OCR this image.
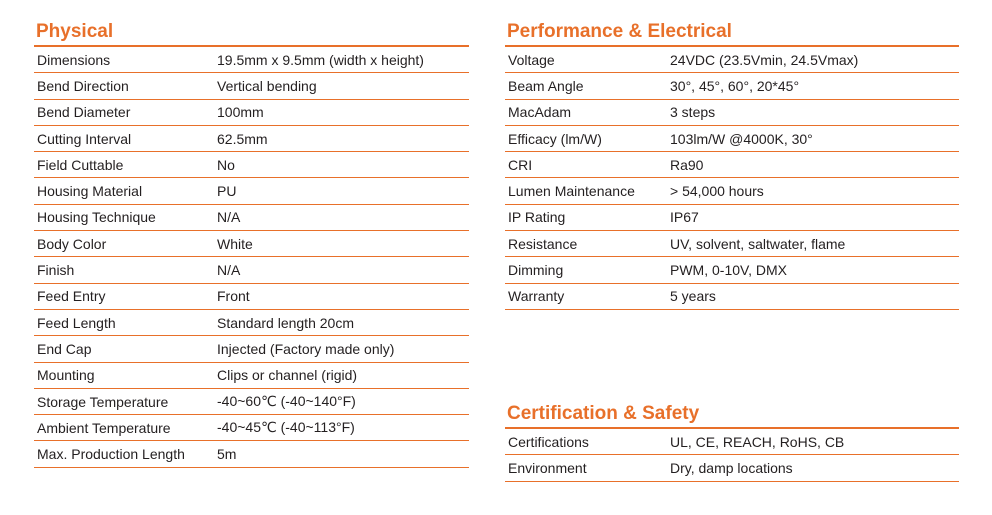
Physical
Dimensions	19.5mm x 9.5mm (width x height)
Bend Direction	Vertical bending
Bend Diameter	100mm
Cutting Interval	62.5mm
Field Cuttable	No
Housing Material	PU
Housing Technique	N/A
Body Color	White
Finish	N/A
Feed Entry	Front
Feed Length	Standard length 20cm
End Cap	Injected (Factory made only)
Mounting	Clips or channel (rigid)
Storage Temperature	-40~60℃ (-40~140°F)
Ambient Temperature	-40~45℃ (-40~113°F)
Max. Production Length	5m
Performance & Electrical
Voltage	24VDC (23.5Vmin, 24.5Vmax)
Beam Angle	30°, 45°, 60°, 20*45°
MacAdam	3 steps
Efficacy (lm/W)	103lm/W @4000K, 30°
CRI	Ra90
Lumen Maintenance	> 54,000 hours
IP Rating	IP67
Resistance	UV, solvent, saltwater, flame
Dimming	PWM, 0-10V, DMX
Warranty	5 years
Certification & Safety
Certifications	UL, CE, REACH, RoHS, CB
Environment	Dry, damp locations
